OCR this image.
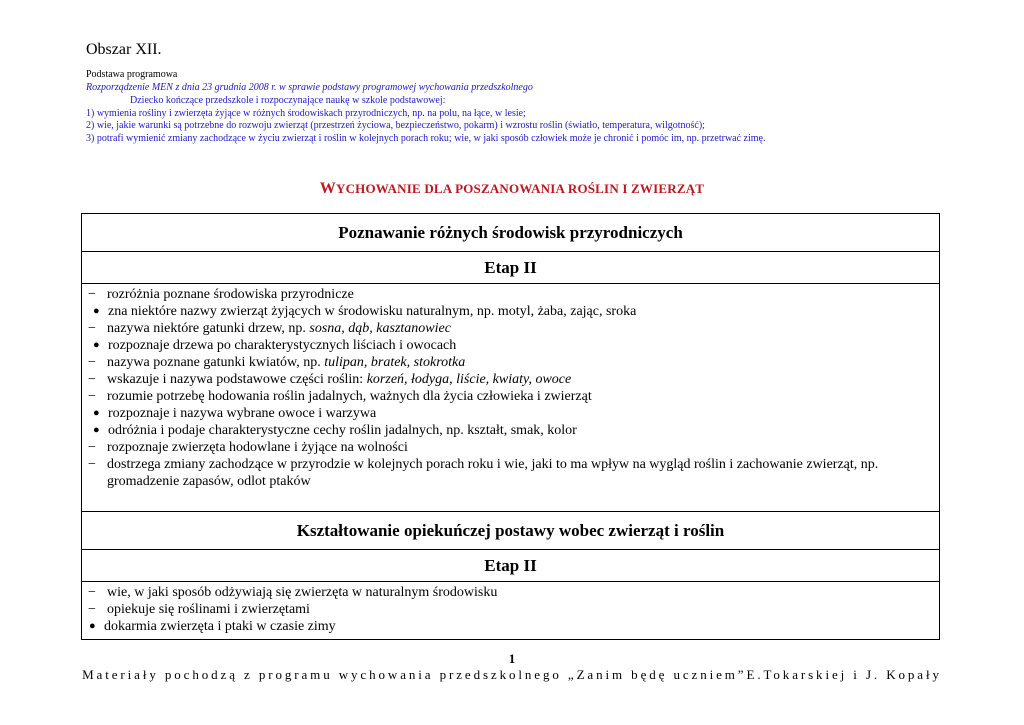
Obszar XII.
Podstawa programowa
Rozporządzenie MEN z dnia 23 grudnia 2008 r. w sprawie podstawy programowej wychowania przedszkolnego
Dziecko kończące przedszkole i rozpoczynające naukę w szkole podstawowej:
1) wymienia rośliny i zwierzęta żyjące w różnych środowiskach przyrodniczych, np. na polu, na łące, w lesie;
2) wie, jakie warunki są potrzebne do rozwoju zwierząt (przestrzeń życiowa, bezpieczeństwo, pokarm) i wzrostu roślin (światło, temperatura, wilgotność);
3) potrafi wymienić zmiany zachodzące w życiu zwierząt i roślin w kolejnych porach roku; wie, w jaki sposób człowiek może je chronić i pomóc im, np. przetrwać zimę.
WYCHOWANIE DLA POSZANOWANIA ROŚLIN I ZWIERZĄT
Poznawanie różnych środowisk przyrodniczych
Etap II

− rozróżnia poznane środowiska przyrodnicze
● zna niektóre nazwy zwierząt żyjących w środowisku naturalnym, np. motyl, żaba, zając, sroka
− nazywa niektóre gatunki drzew, np. sosna, dąb, kasztanowiec
● rozpoznaje drzewa po charakterystycznych liściach i owocach
− nazywa poznane gatunki kwiatów, np. tulipan, bratek, stokrotka
− wskazuje i nazywa podstawowe części roślin: korzeń, łodyga, liście, kwiaty, owoce
− rozumie potrzebę hodowania roślin jadalnych, ważnych dla życia człowieka i zwierząt
● rozpoznaje i nazywa wybrane owoce i warzywa
● odróżnia i podaje charakterystyczne cechy roślin jadalnych, np. kształt, smak, kolor
− rozpoznaje zwierzęta hodowlane i żyjące na wolności
− dostrzega zmiany zachodzące w przyrodzie w kolejnych porach roku i wie, jaki to ma wpływ na wygląd roślin i zachowanie zwierząt, np. gromadzenie zapasów, odlot ptaków

Kształtowanie opiekuńczej postawy wobec zwierząt i roślin
Etap II

− wie, w jaki sposób odżywiają się zwierzęta w naturalnym środowisku
− opiekuje się roślinami i zwierzętami
● dokarmia zwierzęta i ptaki w czasie zimy
1
Materiały pochodzą z programu wychowania przedszkolnego „Zanim będę uczniem”E.Tokarskiej i J. Kopały
